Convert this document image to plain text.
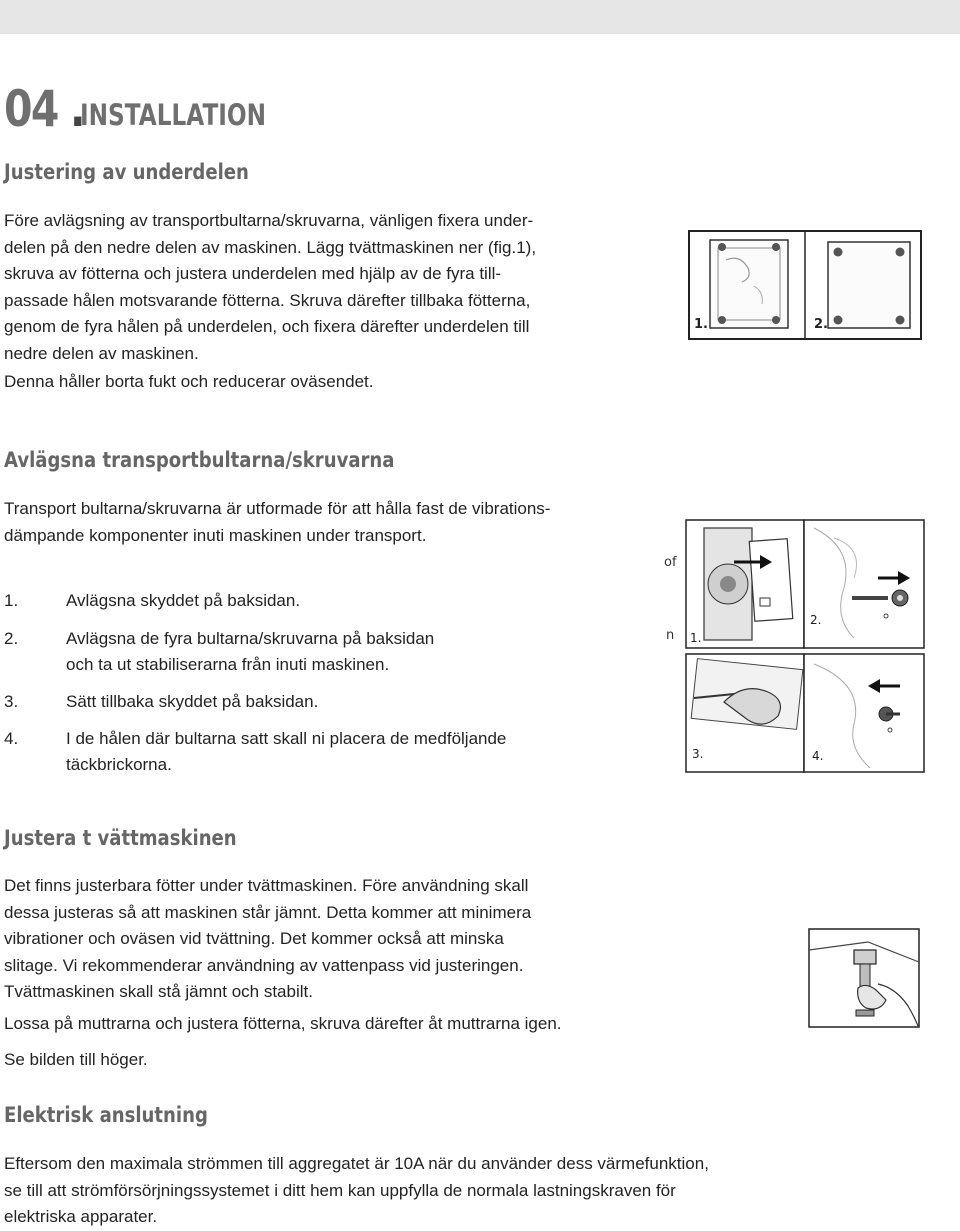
04 .
INSTALLATION
Justering av underdelen

Före avlägsning av transportbultarna/skruvarna, vänligen fixera under-
delen på den nedre delen av maskinen. Lägg tvättmaskinen ner (fig.1),
skruva av fötterna och justera underdelen med hjälp av de fyra till-
passade hålen motsvarande fötterna. Skruva därefter tillbaka fötterna,
genom de fyra hålen på underdelen, och fixera därefter underdelen till
nedre delen av maskinen.

Denna håller borta fukt och reducerar oväsendet.

1.	2.
Avlägsna transportbultarna/skruvarna

Transport bultarna/skruvarna är utformade för att hålla fast de vibrations-
dämpande komponenter inuti maskinen under transport.

1.	Avlägsna skyddet på baksidan.
2.	Avlägsna de fyra bultarna/skruvarna på baksidan
och ta ut stabiliserarna från inuti maskinen.
3.	Sätt tillbaka skyddet på baksidan.
4.	I de hålen där bultarna satt skall ni placera de medföljande
täckbrickorna.
of
n 1.
2.
3.	4.
Justera t vättmaskinen

Det finns justerbara fötter under tvättmaskinen. Före användning skall
dessa justeras så att maskinen står jämnt. Detta kommer att minimera
vibrationer och oväsen vid tvättning. Det kommer också att minska
slitage. Vi rekommenderar användning av vattenpass vid justeringen.
Tvättmaskinen skall stå jämnt och stabilt.

Lossa på muttrarna och justera fötterna, skruva därefter åt muttrarna igen.

Se bilden till höger.

Elektrisk anslutning

Eftersom den maximala strömmen till aggregatet är 10A när du använder dess värmefunktion,
se till att strömförsörjningssystemet i ditt hem kan uppfylla de normala lastningskraven för
elektriska apparater.
